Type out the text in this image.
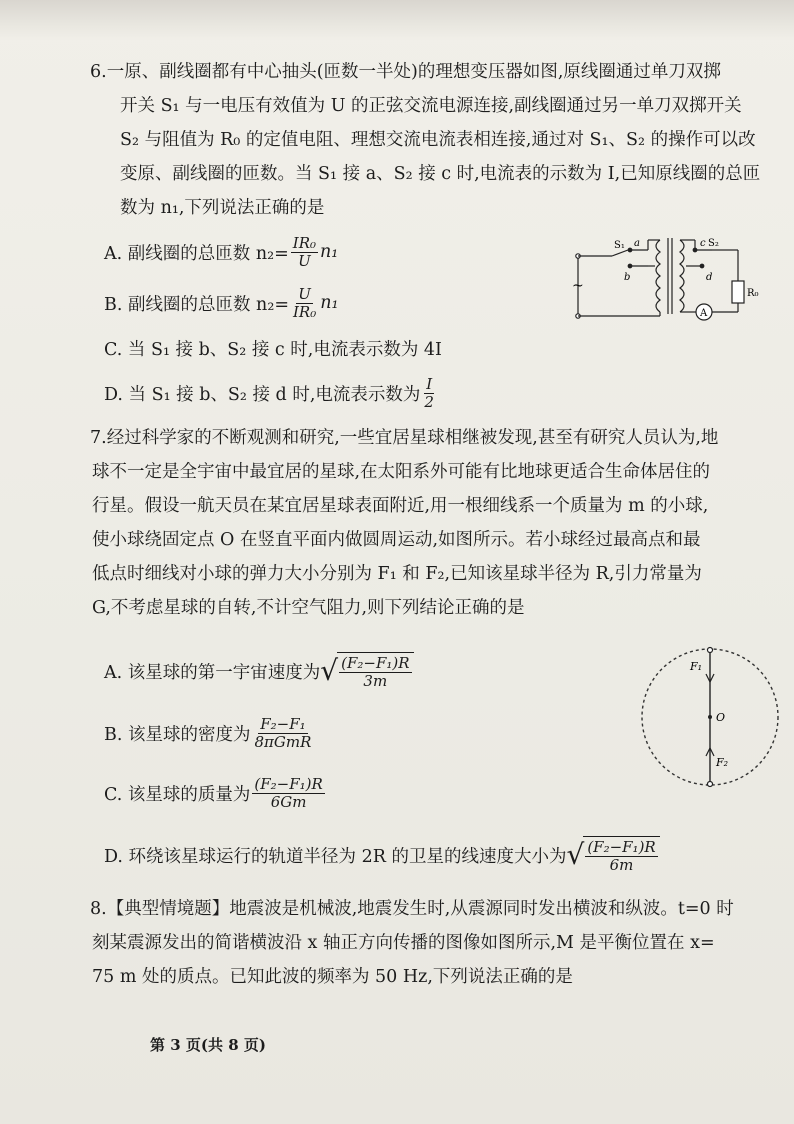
6.一原、副线圈都有中心抽头(匝数一半处)的理想变压器如图,原线圈通过单刀双掷
开关 S₁ 与一电压有效值为 U 的正弦交流电源连接,副线圈通过另一单刀双掷开关
S₂ 与阻值为 R₀ 的定值电阻、理想交流电流表相连接,通过对 S₁、S₂ 的操作可以改
变原、副线圈的匝数。当 S₁ 接 a、S₂ 接 c 时,电流表的示数为 I,已知原线圈的总匝
数为 n₁,下列说法正确的是
A. 副线圈的总匝数 $n_2= \frac{\text{IR₀}}{U} n_1$
B. 副线圈的总匝数 $n_2= \frac{U}{\text{IR₀}} n_1$
C. 当 S₁ 接 b、S₂ 接 c 时,电流表示数为 4I
D. 当 S₁ 接 b、S₂ 接 d 时,电流表示数为 $\frac{I}{2}$
~
S₁ a
b
c S₂
d
R₀
A
7.经过科学家的不断观测和研究,一些宜居星球相继被发现,甚至有研究人员认为,地
球不一定是全宇宙中最宜居的星球,在太阳系外可能有比地球更适合生命体居住的
行星。假设一航天员在某宜居星球表面附近,用一根细线系一个质量为 m 的小球,
使小球绕固定点 O 在竖直平面内做圆周运动,如图所示。若小球经过最高点和最
低点时细线对小球的弹力大小分别为 F₁ 和 F₂,已知该星球半径为 R,引力常量为
G,不考虑星球的自转,不计空气阻力,则下列结论正确的是
A. 该星球的第一宇宙速度为 √ $\frac{\text{(F₂−F₁)R}}{3m}$
B. 该星球的密度为 $\frac{\text{F₂−F₁}}{\text{8πGmR}}$
C. 该星球的质量为 $\frac{\text{(F₂−F₁)R}}{6Gm}$
D. 环绕该星球运行的轨道半径为 2R 的卫星的线速度大小为 √ $\frac{\text{(F₂−F₁)R}}{6m}$
F₁
O
F₂
8.【典型情境题】地震波是机械波,地震发生时,从震源同时发出横波和纵波。t=0 时
刻某震源发出的简谐横波沿 x 轴正方向传播的图像如图所示,M 是平衡位置在 x=
75 m 处的质点。已知此波的频率为 50 Hz,下列说法正确的是
第 3 页(共 8 页)
